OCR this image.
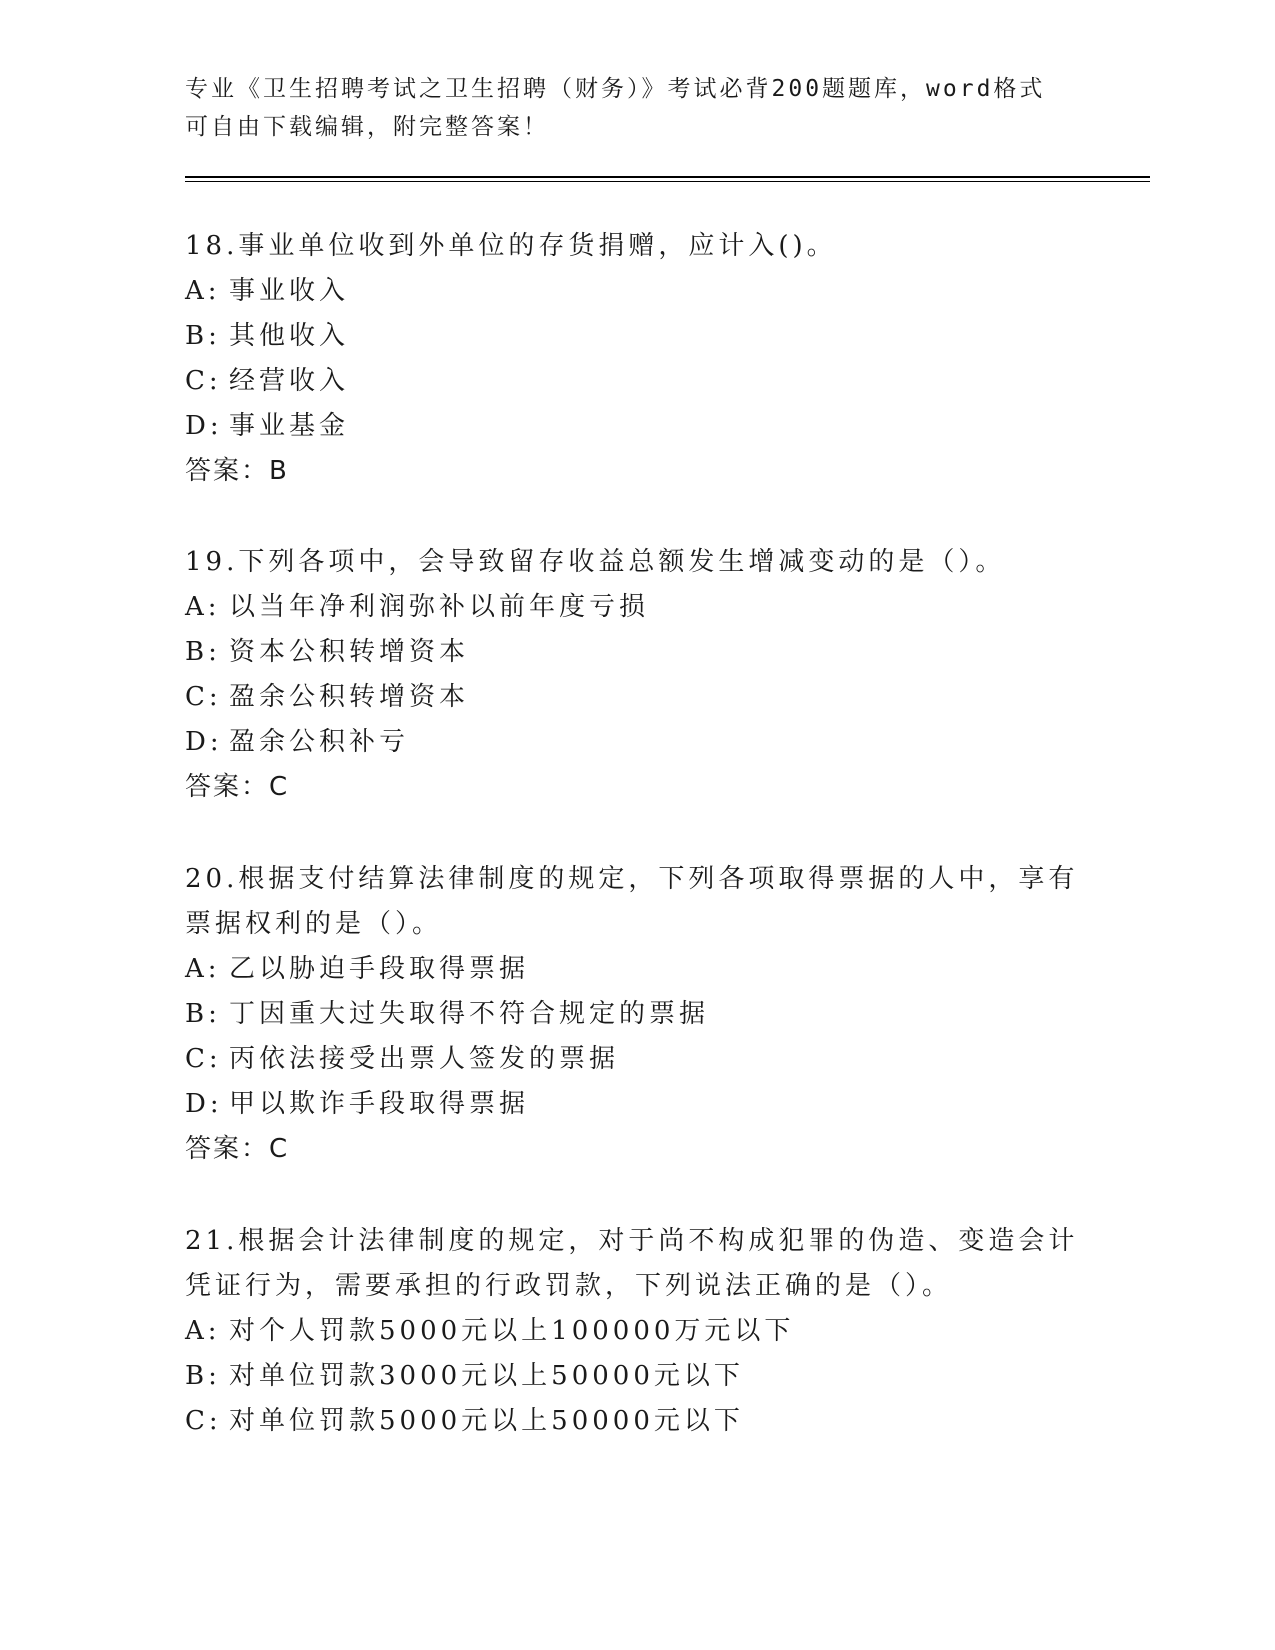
专业《卫生招聘考试之卫生招聘（财务）》考试必背200题题库，word格式可自由下载编辑，附完整答案！

18.事业单位收到外单位的存货捐赠，应计入()。

A: 事业收入

B: 其他收入

C: 经营收入

D: 事业基金

答案：B

19.下列各项中，会导致留存收益总额发生增减变动的是（）。

A: 以当年净利润弥补以前年度亏损

B: 资本公积转增资本

C: 盈余公积转增资本

D: 盈余公积补亏

答案：C

20.根据支付结算法律制度的规定，下列各项取得票据的人中，享有票据权利的是（）。

A: 乙以胁迫手段取得票据

B: 丁因重大过失取得不符合规定的票据

C: 丙依法接受出票人签发的票据

D: 甲以欺诈手段取得票据

答案：C

21.根据会计法律制度的规定，对于尚不构成犯罪的伪造、变造会计凭证行为，需要承担的行政罚款，下列说法正确的是（）。

A: 对个人罚款5000元以上100000万元以下

B: 对单位罚款3000元以上50000元以下

C: 对单位罚款5000元以上50000元以下
